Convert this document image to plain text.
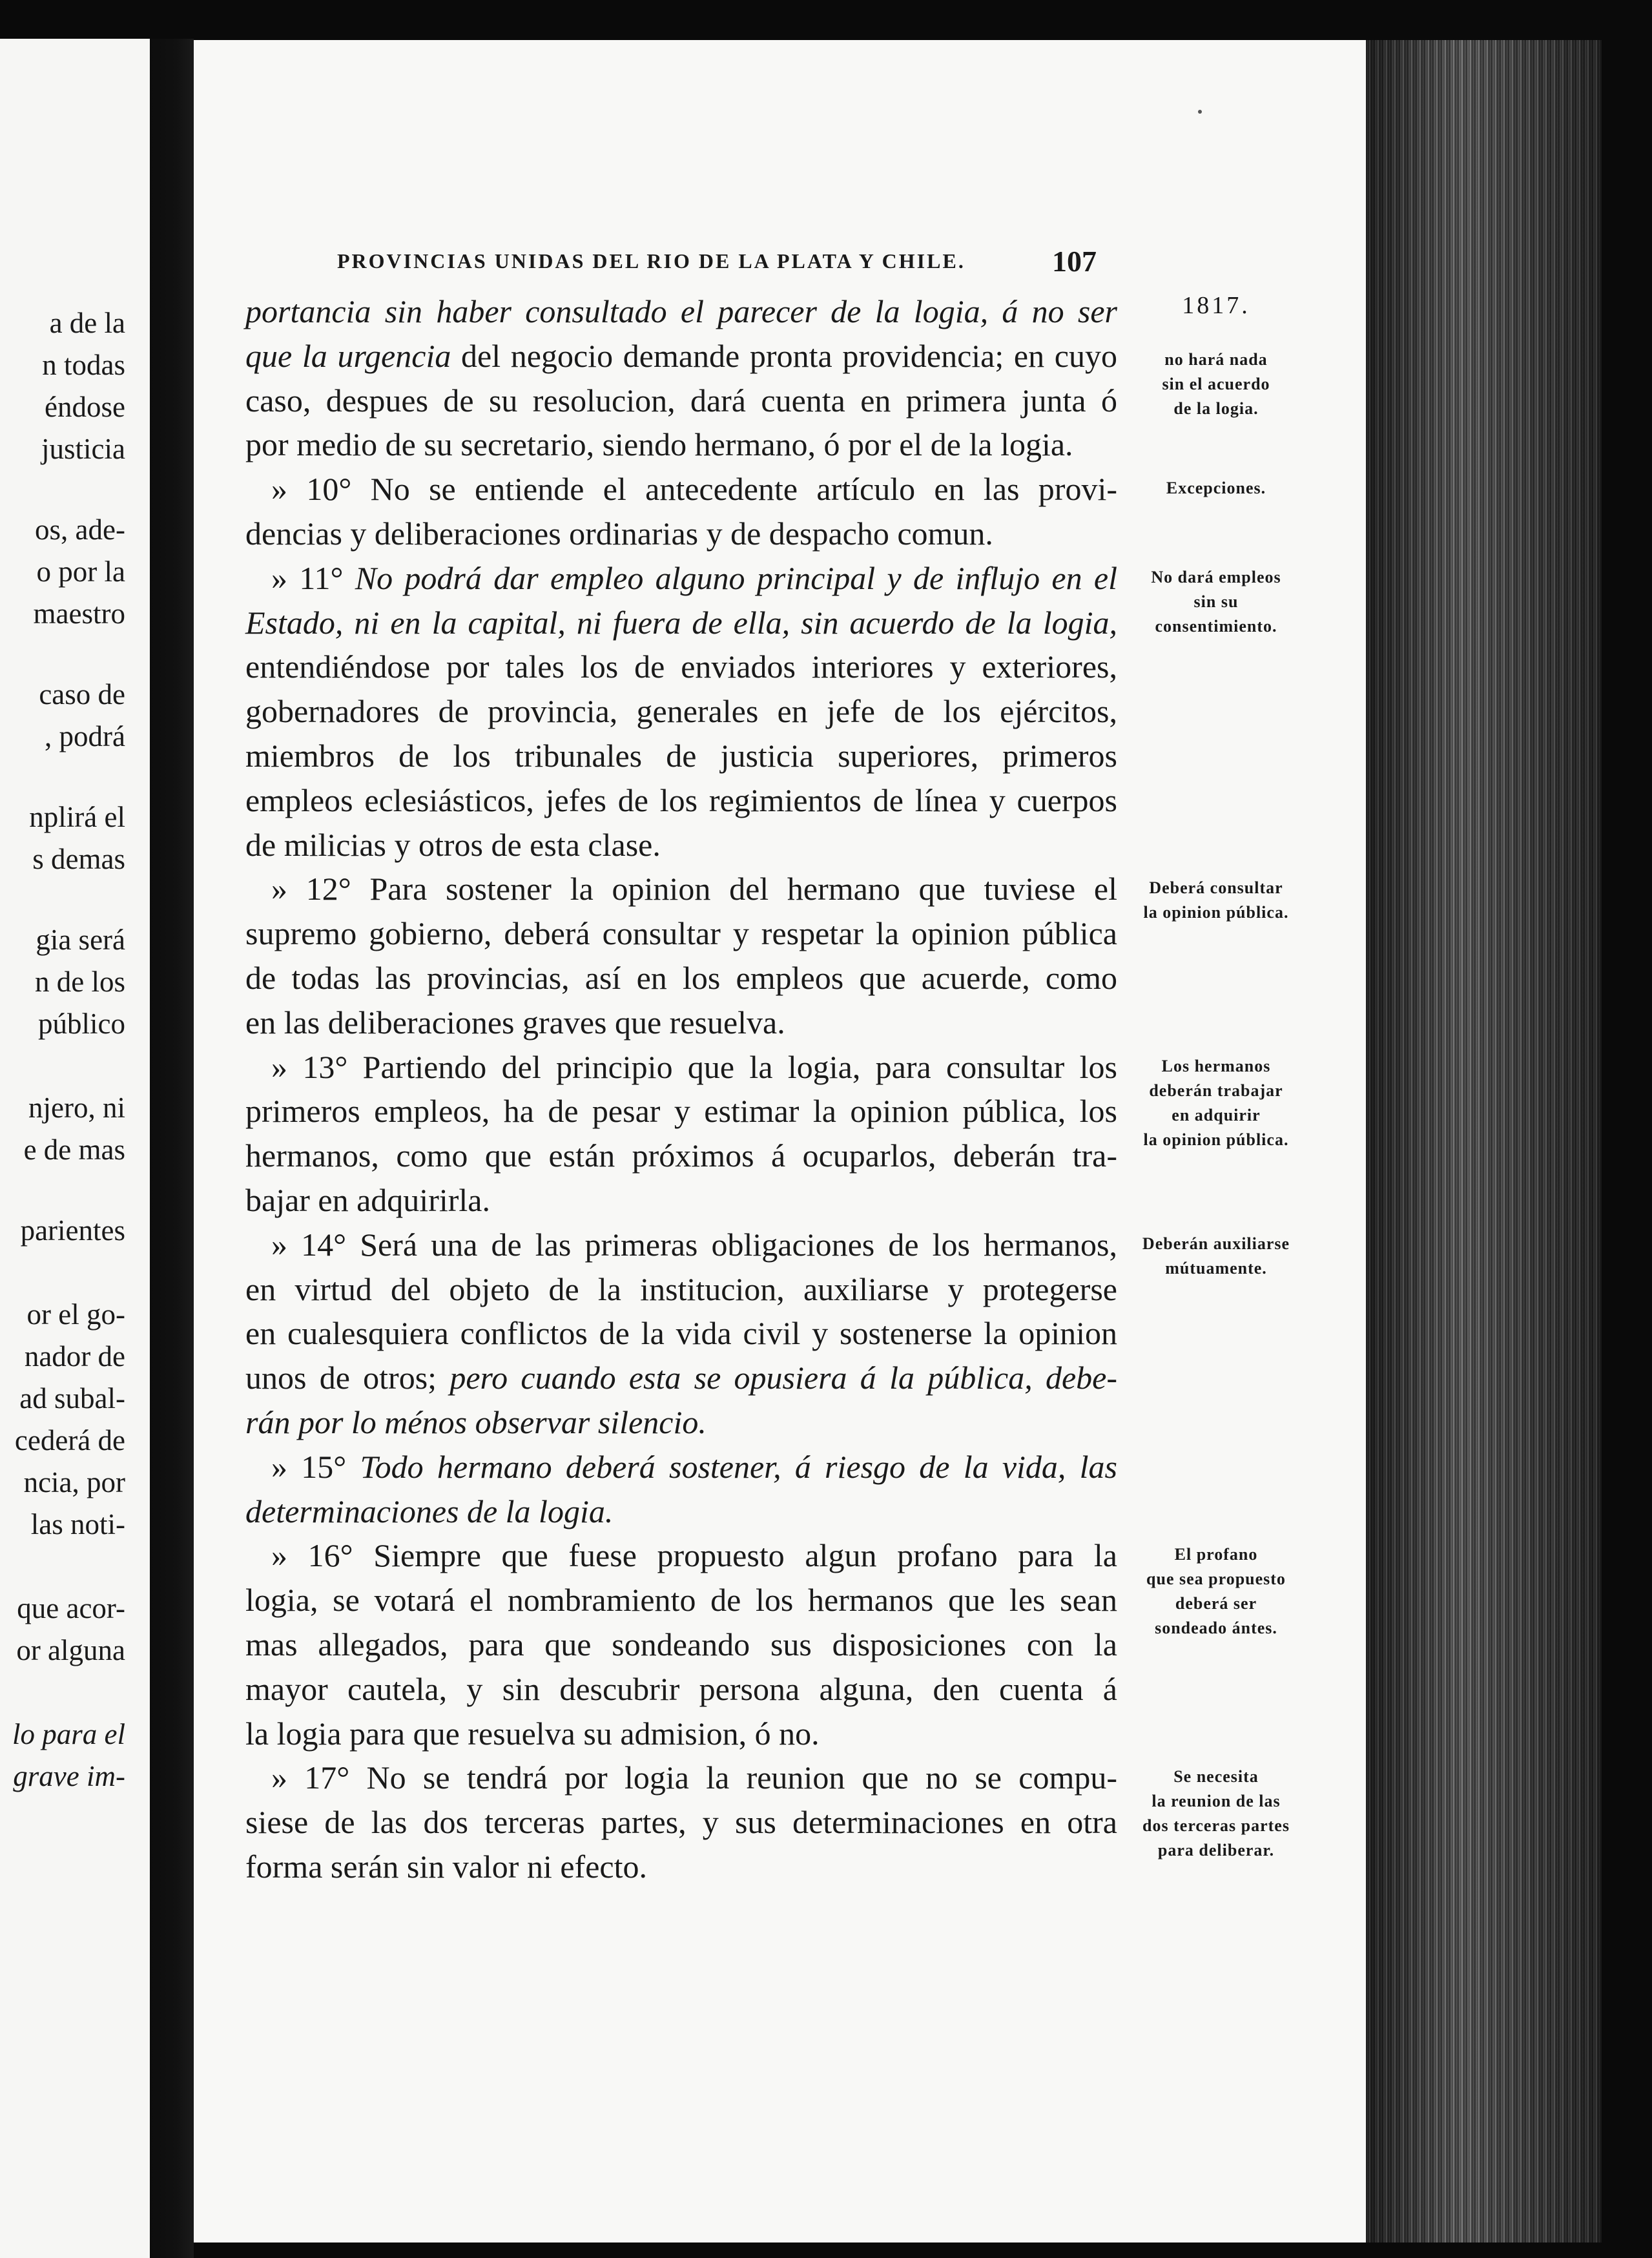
a de la
n todas
éndose
justicia
os, ade-
o por la
maestro
caso de
, podrá
nplirá el
s demas
gia será
n de los
público
njero, ni
e de mas
parientes
or el go-
nador de
ad subal-
cederá de
ncia, por
las noti-
que acor-
or alguna
lo para el
grave im-
PROVINCIAS UNIDAS DEL RIO DE LA PLATA Y CHILE.	107
portancia sin haber consultado el parecer de la logia, á no ser
que la urgencia del negocio demande pronta providencia; en cuyo
caso, despues de su resolucion, dará cuenta en primera junta ó
por medio de su secretario, siendo hermano, ó por el de la logia.
» 10° No se entiende el antecedente artículo en las provi-
dencias y deliberaciones ordinarias y de despacho comun.
» 11° No podrá dar empleo alguno principal y de influjo en el
Estado, ni en la capital, ni fuera de ella, sin acuerdo de la logia,
entendiéndose por tales los de enviados interiores y exteriores,
gobernadores de provincia, generales en jefe de los ejércitos,
miembros de los tribunales de justicia superiores, primeros
empleos eclesiásticos, jefes de los regimientos de línea y cuerpos
de milicias y otros de esta clase.
» 12° Para sostener la opinion del hermano que tuviese el
supremo gobierno, deberá consultar y respetar la opinion pública
de todas las provincias, así en los empleos que acuerde, como
en las deliberaciones graves que resuelva.
» 13° Partiendo del principio que la logia, para consultar los
primeros empleos, ha de pesar y estimar la opinion pública, los
hermanos, como que están próximos á ocuparlos, deberán tra-
bajar en adquirirla.
» 14° Será una de las primeras obligaciones de los hermanos,
en virtud del objeto de la institucion, auxiliarse y protegerse
en cualesquiera conflictos de la vida civil y sostenerse la opinion
unos de otros; pero cuando esta se opusiera á la pública, debe-
rán por lo ménos observar silencio.
» 15° Todo hermano deberá sostener, á riesgo de la vida, las
determinaciones de la logia.
» 16° Siempre que fuese propuesto algun profano para la
logia, se votará el nombramiento de los hermanos que les sean
mas allegados, para que sondeando sus disposiciones con la
mayor cautela, y sin descubrir persona alguna, den cuenta á
la logia para que resuelva su admision, ó no.
» 17° No se tendrá por logia la reunion que no se compu-
siese de las dos terceras partes, y sus determinaciones en otra
forma serán sin valor ni efecto.
1817.
no hará nada
sin el acuerdo
de la logia.
Excepciones.
No dará empleos
sin su
consentimiento.
Deberá consultar
la opinion pública.
Los hermanos
deberán trabajar
en adquirir
la opinion pública.
Deberán auxiliarse
mútuamente.
El profano
que sea propuesto
deberá ser
sondeado ántes.
Se necesita
la reunion de las
dos terceras partes
para deliberar.
